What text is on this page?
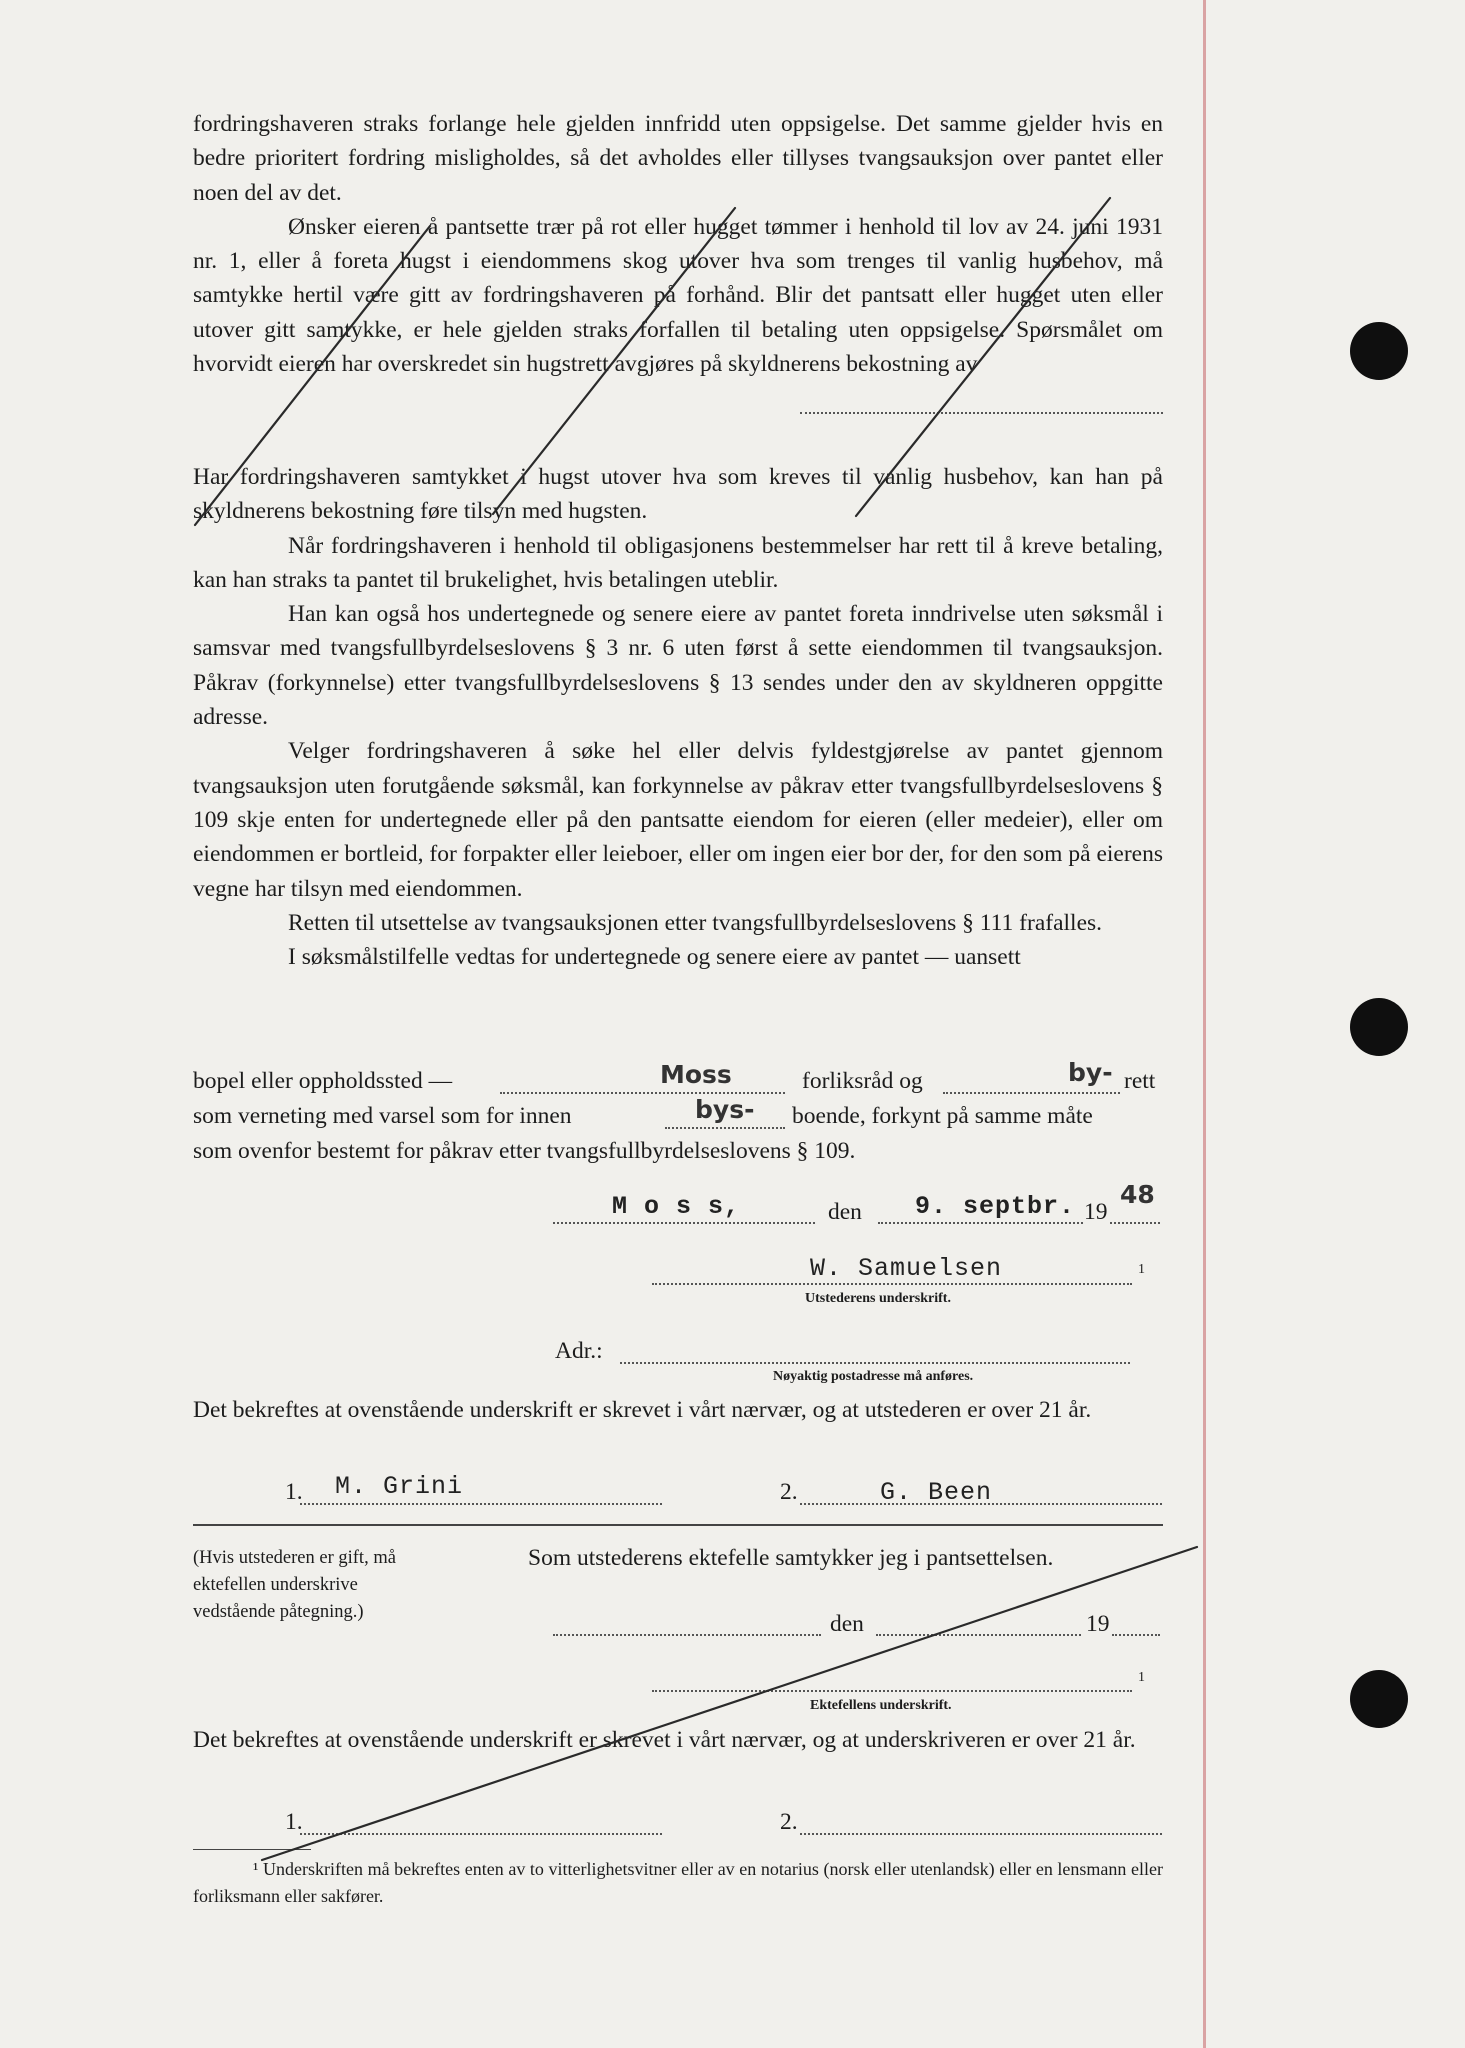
fordringshaveren straks forlange hele gjelden innfridd uten oppsigelse. Det samme gjelder hvis en bedre prioritert fordring misligholdes, så det avholdes eller tillyses tvangsauksjon over pantet eller noen del av det.

Ønsker eieren å pantsette trær på rot eller hugget tømmer i henhold til lov av 24. juni 1931 nr. 1, eller å foreta hugst i eiendommens skog utover hva som trenges til vanlig husbehov, må samtykke hertil være gitt av fordringshaveren på forhånd. Blir det pantsatt eller hugget uten eller utover gitt samtykke, er hele gjelden straks forfallen til betaling uten oppsigelse. Spørsmålet om hvorvidt eieren har overskredet sin hugstrett avgjøres på skyldnerens bekostning av

Har fordringshaveren samtykket i hugst utover hva som kreves til vanlig husbehov, kan han på skyldnerens bekostning føre tilsyn med hugsten.

Når fordringshaveren i henhold til obligasjonens bestemmelser har rett til å kreve betaling, kan han straks ta pantet til brukelighet, hvis betalingen uteblir.

Han kan også hos undertegnede og senere eiere av pantet foreta inndrivelse uten søksmål i samsvar med tvangsfullbyrdelseslovens § 3 nr. 6 uten først å sette eiendommen til tvangsauksjon. Påkrav (forkynnelse) etter tvangsfullbyrdelseslovens § 13 sendes under den av skyldneren oppgitte adresse.

Velger fordringshaveren å søke hel eller delvis fyldestgjørelse av pantet gjennom tvangsauksjon uten forutgående søksmål, kan forkynnelse av påkrav etter tvangsfullbyrdelseslovens § 109 skje enten for undertegnede eller på den pantsatte eiendom for eieren (eller medeier), eller om eiendommen er bortleid, for forpakter eller leieboer, eller om ingen eier bor der, for den som på eierens vegne har tilsyn med eiendommen.

Retten til utsettelse av tvangsauksjonen etter tvangsfullbyrdelseslovens § 111 frafalles.

I søksmålstilfelle vedtas for undertegnede og senere eiere av pantet — uansett

bopel eller oppholdssted —	Moss	forliksråd og	by- rett
som verneting med varsel som for innen	bys- boende, forkynt på samme måte
som ovenfor bestemt for påkrav etter tvangsfullbyrdelseslovens § 109.
M o s s,	den 9. septbr. 19
48
W. Samuelsen	1
Utstederens underskrift.
Adr.:
Nøyaktig postadresse må anføres.
Det bekreftes at ovenstående underskrift er skrevet i vårt nærvær, og at utstederen er over 21 år.
1. M. Grini	2.	G. Been
(Hvis utstederen er gift, må ektefellen underskrive vedstående påtegning.)
Som utstederens ektefelle samtykker jeg i pantsettelsen.
den	19
1
Ektefellens underskrift.
Det bekreftes at ovenstående underskrift er skrevet i vårt nærvær, og at underskriveren er over 21 år.
1.	2.

¹ Underskriften må bekreftes enten av to vitterlighetsvitner eller av en notarius (norsk eller utenlandsk) eller en lensmann eller forliksmann eller sakfører.
